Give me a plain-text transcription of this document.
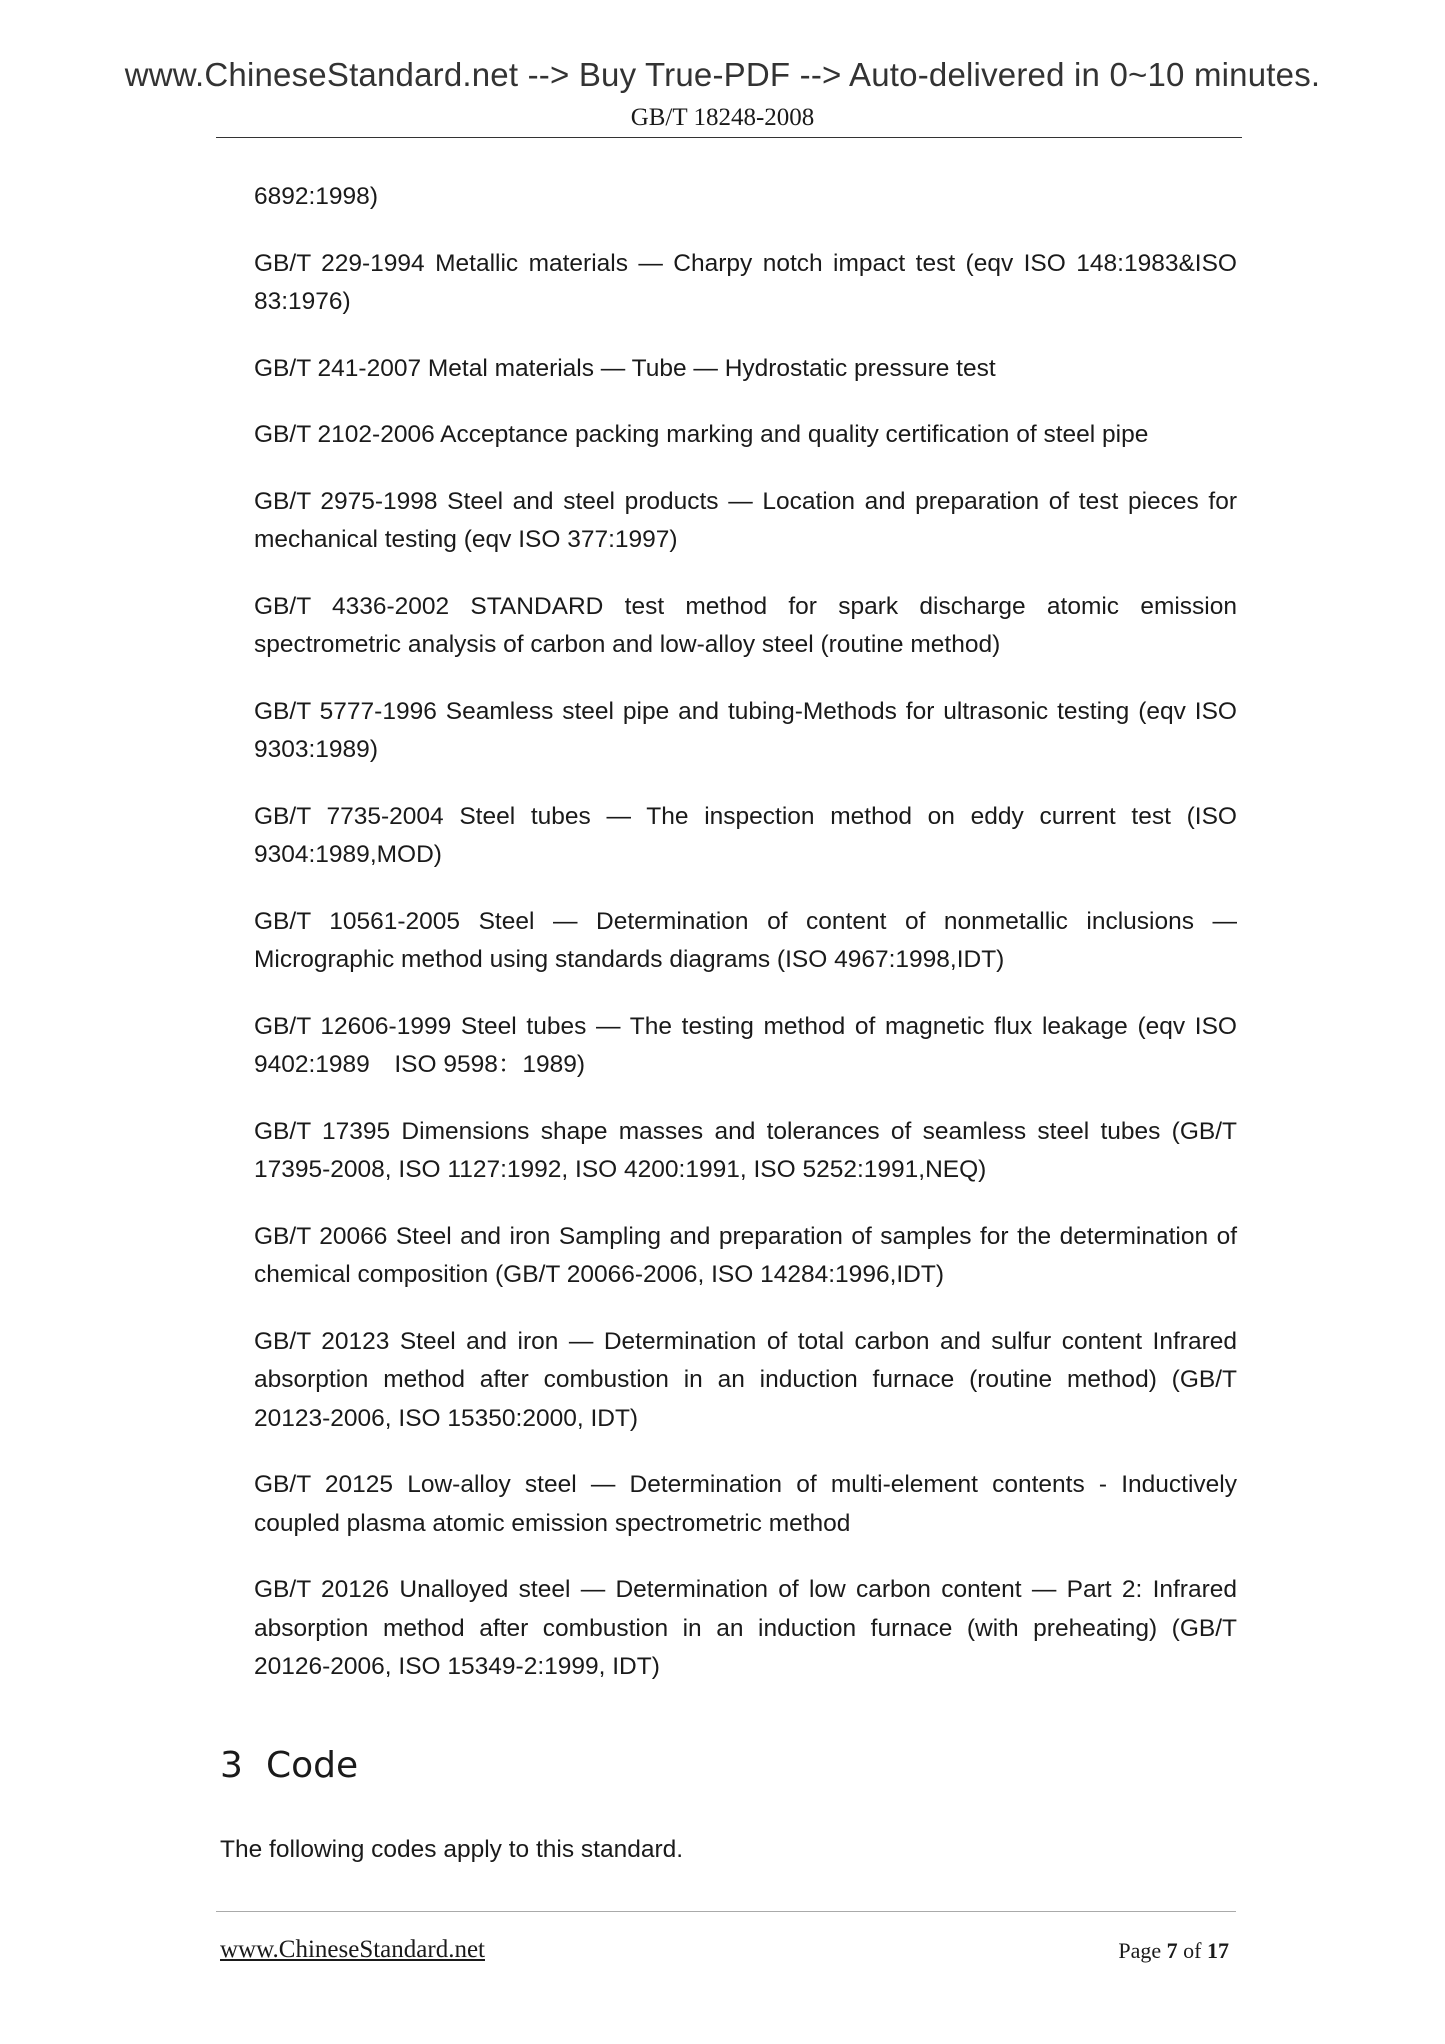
www.ChineseStandard.net --> Buy True-PDF --> Auto-delivered in 0~10 minutes.
GB/T 18248-2008

6892:1998)

GB/T 229-1994 Metallic materials — Charpy notch impact test (eqv ISO 148:1983&ISO 83:1976)

GB/T 241-2007 Metal materials — Tube — Hydrostatic pressure test

GB/T 2102-2006 Acceptance packing marking and quality certification of steel pipe

GB/T 2975-1998 Steel and steel products — Location and preparation of test pieces for mechanical testing (eqv ISO 377:1997)

GB/T 4336-2002 STANDARD test method for spark discharge atomic emission spectrometric analysis of carbon and low-alloy steel (routine method)

GB/T 5777-1996 Seamless steel pipe and tubing-Methods for ultrasonic testing (eqv ISO 9303:1989)

GB/T 7735-2004 Steel tubes — The inspection method on eddy current test (ISO 9304:1989,MOD)

GB/T 10561-2005 Steel — Determination of content of nonmetallic inclusions — Micrographic method using standards diagrams (ISO 4967:1998,IDT)

GB/T 12606-1999 Steel tubes — The testing method of magnetic flux leakage (eqv ISO 9402:1989　ISO 9598：1989)

GB/T 17395 Dimensions shape masses and tolerances of seamless steel tubes (GB/T 17395-2008, ISO 1127:1992, ISO 4200:1991, ISO 5252:1991,NEQ)

GB/T 20066 Steel and iron Sampling and preparation of samples for the determination of chemical composition (GB/T 20066-2006, ISO 14284:1996,IDT)

GB/T 20123 Steel and iron — Determination of total carbon and sulfur content Infrared absorption method after combustion in an induction furnace (routine method) (GB/T 20123-2006, ISO 15350:2000, IDT)

GB/T 20125 Low-alloy steel — Determination of multi-element contents - Inductively coupled plasma atomic emission spectrometric method

GB/T 20126 Unalloyed steel — Determination of low carbon content — Part 2: Infrared absorption method after combustion in an induction furnace (with preheating) (GB/T 20126-2006, ISO 15349-2:1999, IDT)

3 Code
The following codes apply to this standard.
www.ChineseStandard.net	Page 7 of 17
